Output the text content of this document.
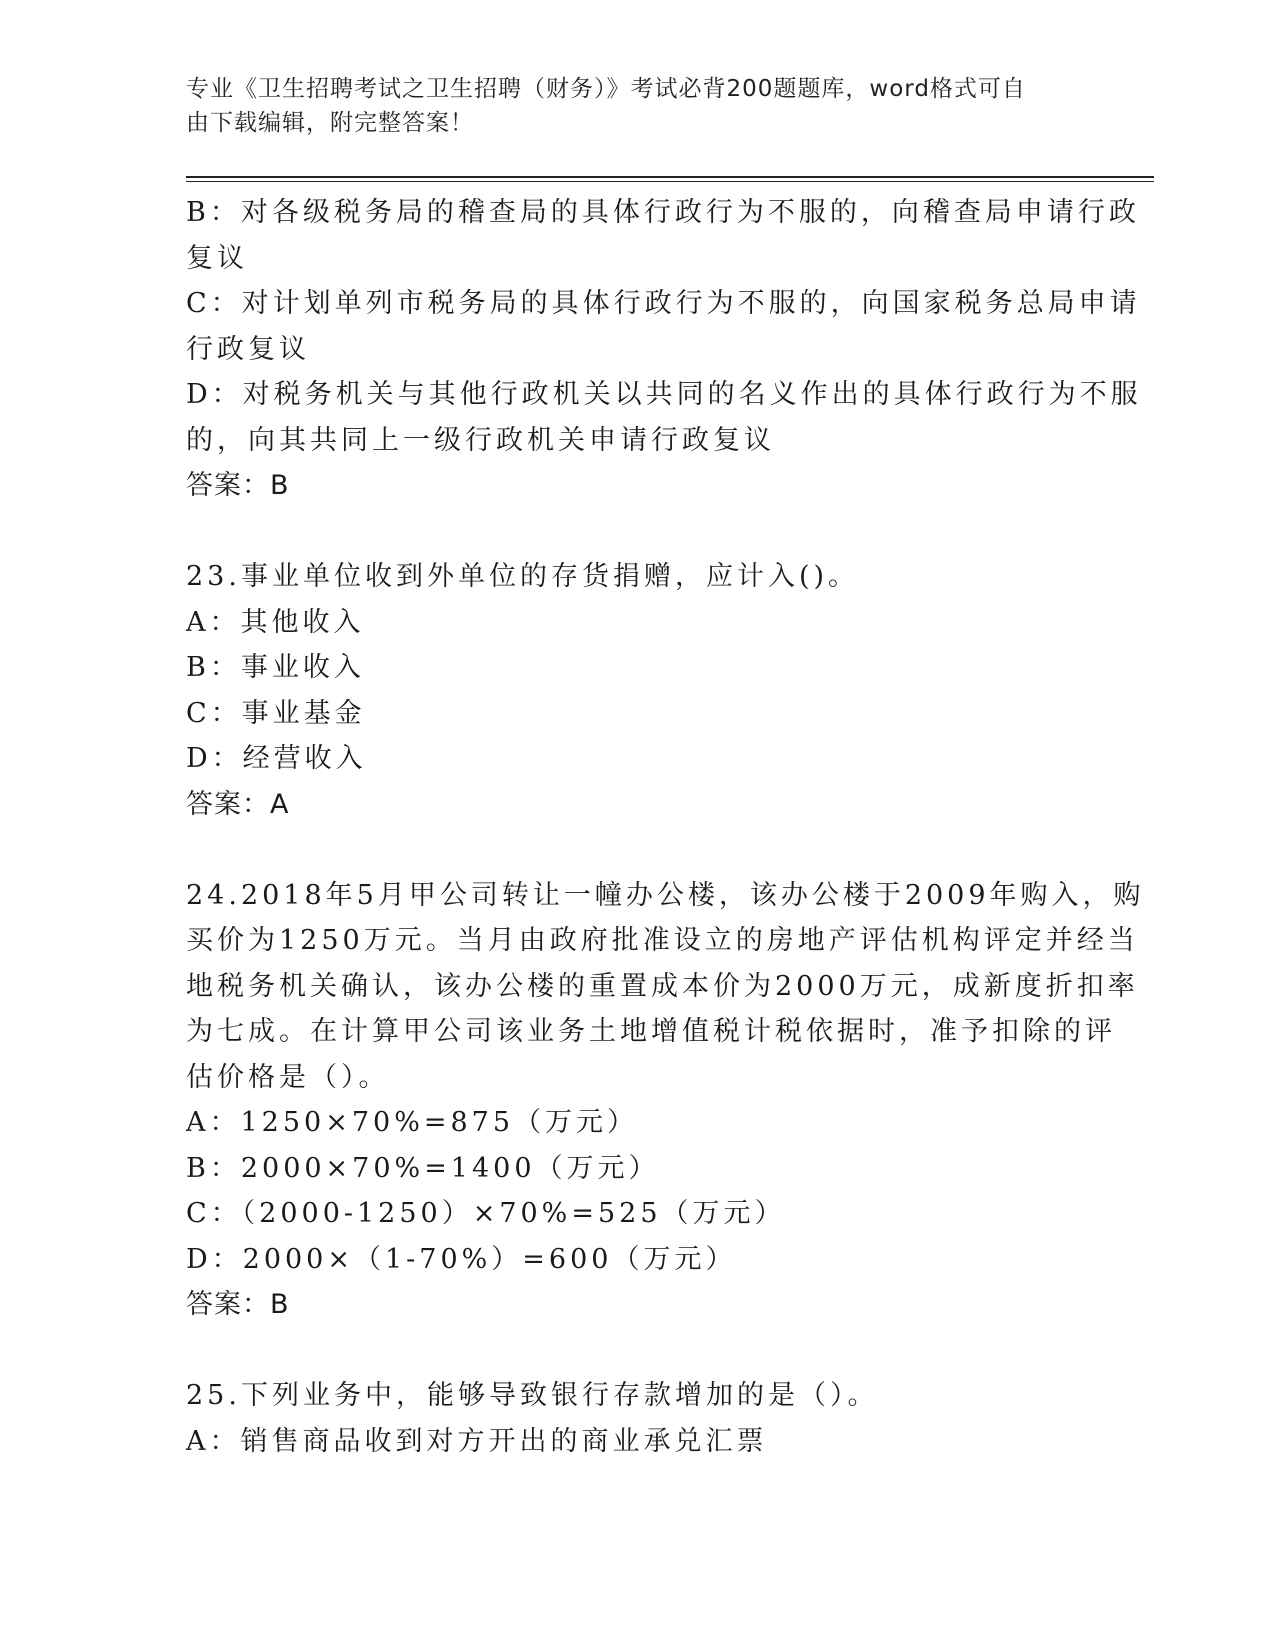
专业《卫生招聘考试之卫生招聘（财务）》考试必背200题题库，word格式可自
由下载编辑，附完整答案！
B：对各级税务局的稽查局的具体行政行为不服的，向稽查局申请行政
复议
C：对计划单列市税务局的具体行政行为不服的，向国家税务总局申请
行政复议
D：对税务机关与其他行政机关以共同的名义作出的具体行政行为不服
的，向其共同上一级行政机关申请行政复议
答案：B
23.事业单位收到外单位的存货捐赠，应计入()。
A：其他收入
B：事业收入
C：事业基金
D：经营收入
答案：A
24.2018年5月甲公司转让一幢办公楼，该办公楼于2009年购入，购
买价为1250万元。当月由政府批准设立的房地产评估机构评定并经当
地税务机关确认，该办公楼的重置成本价为2000万元，成新度折扣率
为七成。在计算甲公司该业务土地增值税计税依据时，准予扣除的评
估价格是（）。
A：1250×70%=875（万元）
B：2000×70%=1400（万元）
C：（2000-1250）×70%=525（万元）
D：2000×（1-70%）=600（万元）
答案：B
25.下列业务中，能够导致银行存款增加的是（）。
A：销售商品收到对方开出的商业承兑汇票
